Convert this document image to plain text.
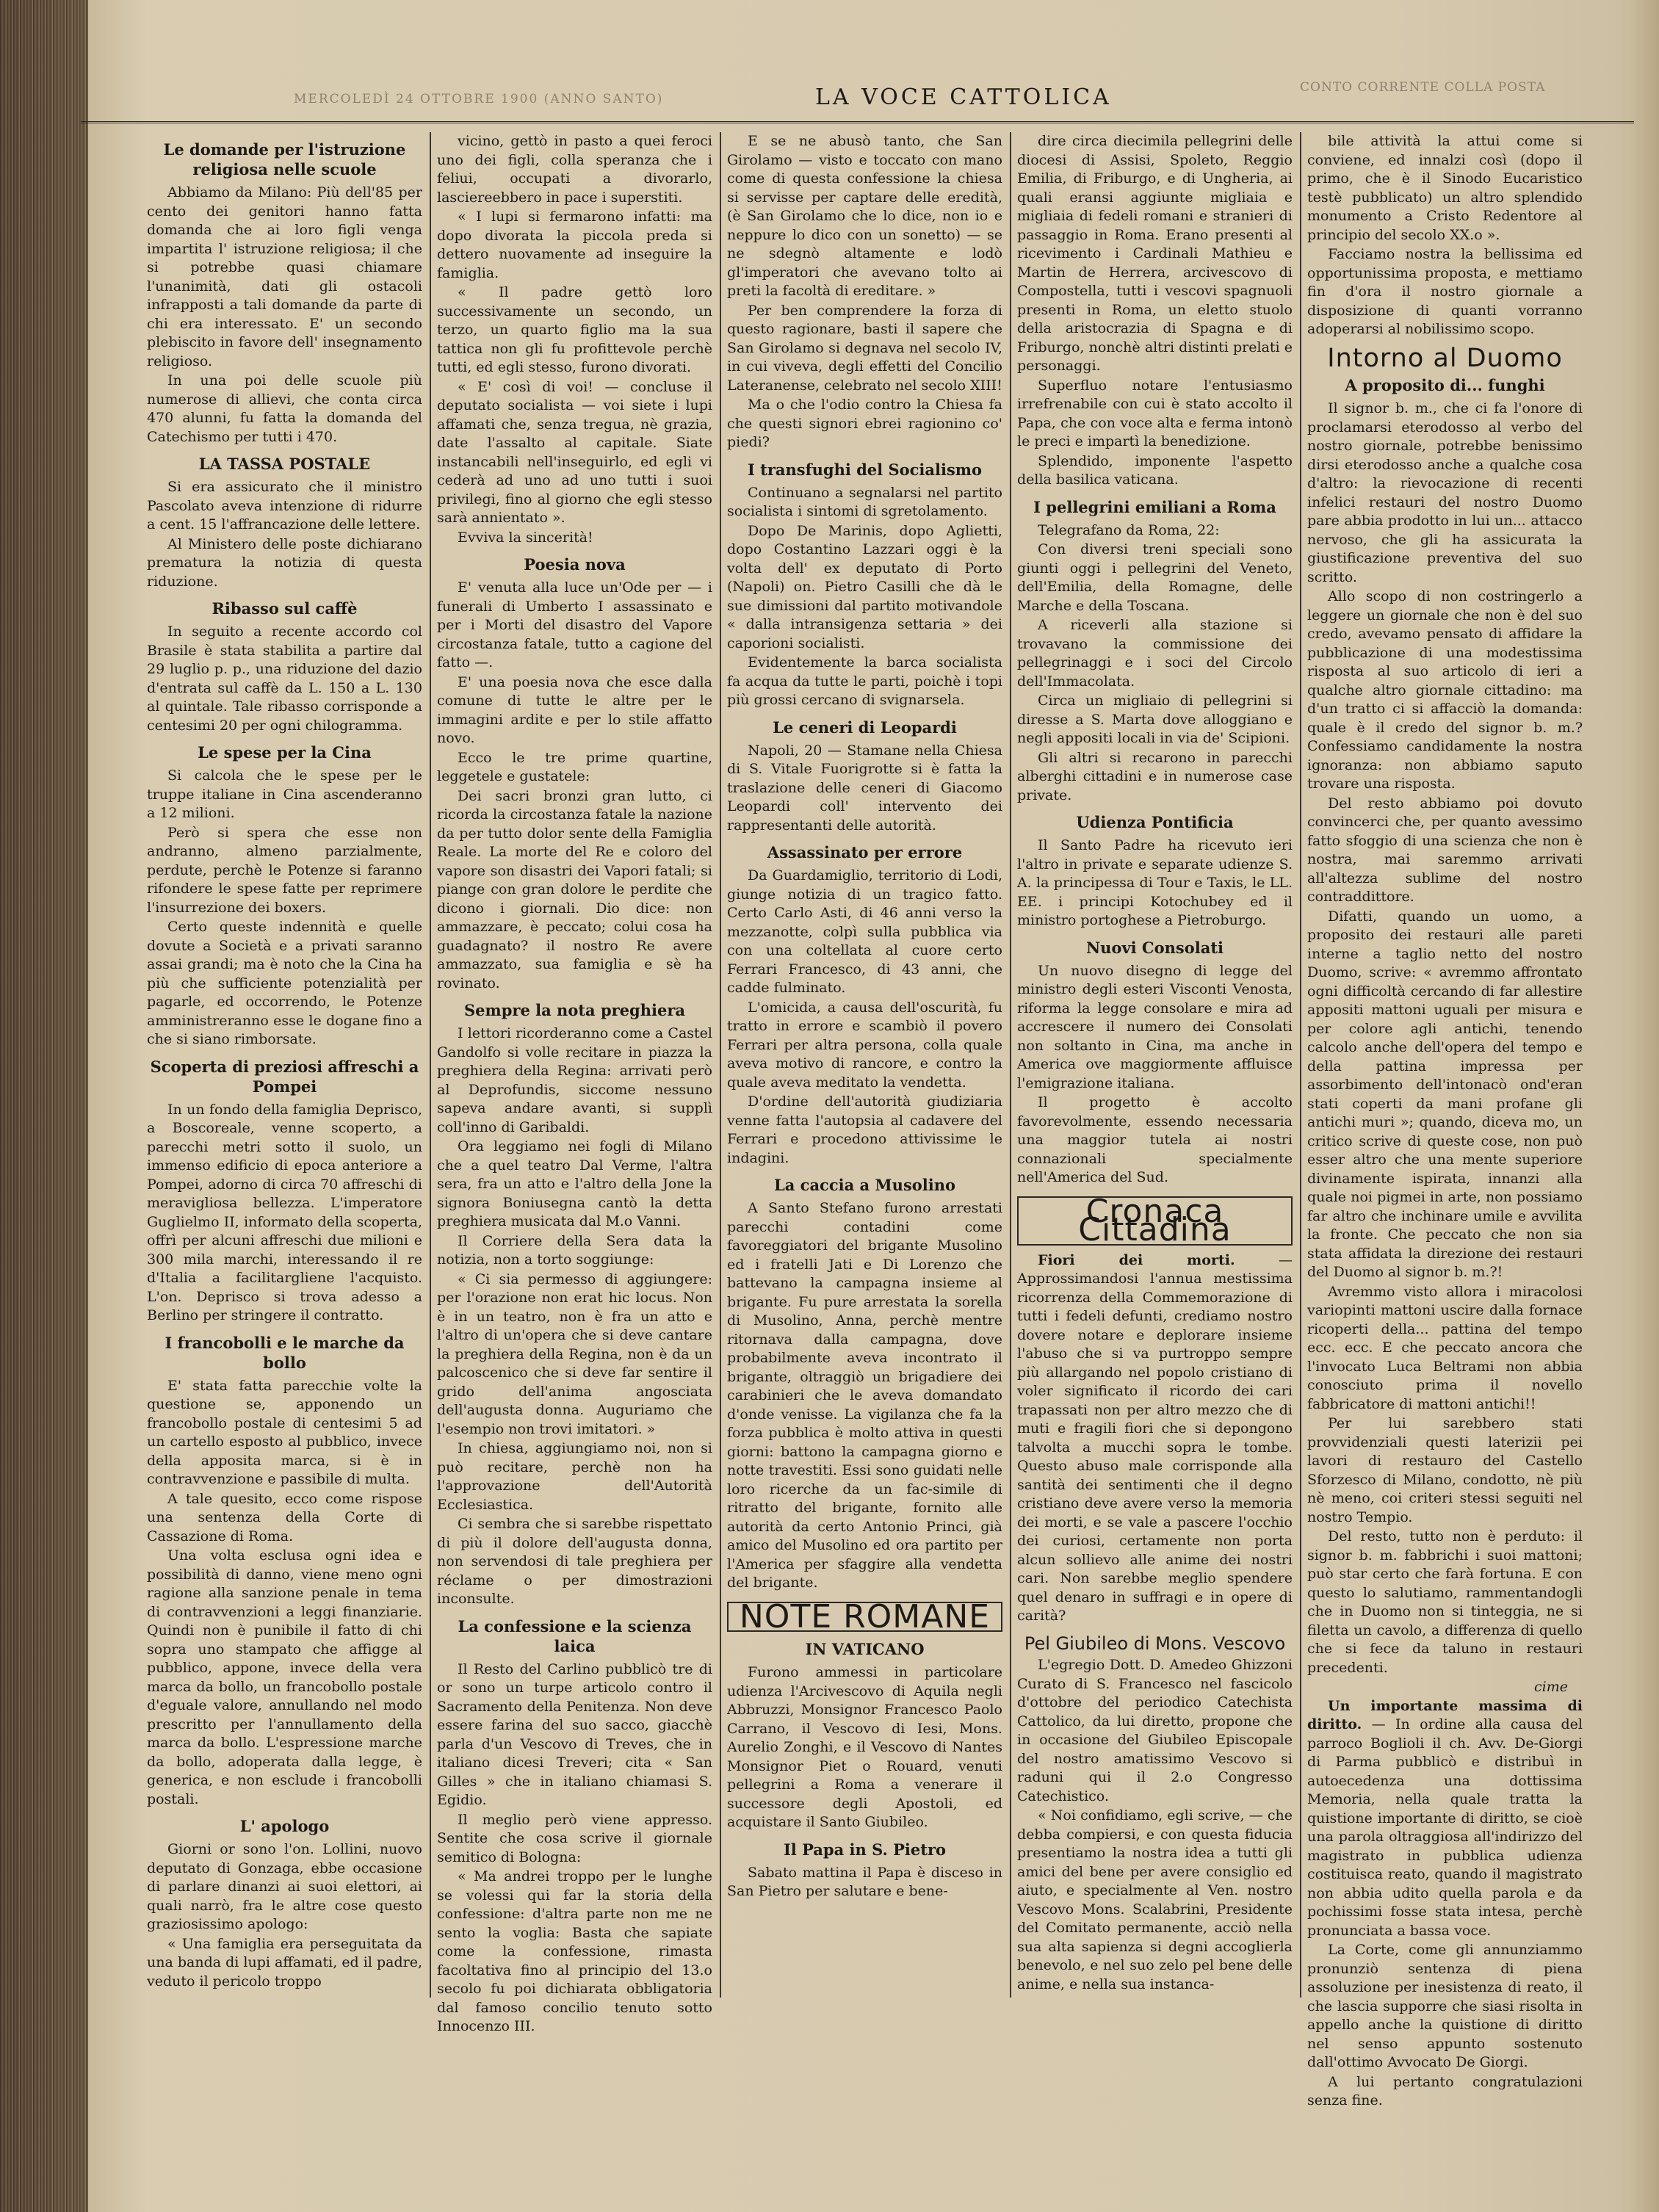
MERCOLEDÌ 24 OTTOBRE 1900 (ANNO SANTO)	LA VOCE CATTOLICA	CONTO CORRENTE COLLA POSTA
Le domande per l'istruzione religiosa nelle scuole

Abbiamo da Milano: Più dell'85 per cento dei genitori hanno fatta domanda che ai loro figli venga impartita l' istruzione religiosa; il che si potrebbe quasi chiamare l'unanimità, dati gli ostacoli infrapposti a tali domande da parte di chi era interessato. E' un secondo plebiscito in favore dell' insegnamento religioso.

In una poi delle scuole più numerose di allievi, che conta circa 470 alunni, fu fatta la domanda del Catechismo per tutti i 470.

LA TASSA POSTALE

Si era assicurato che il ministro Pascolato aveva intenzione di ridurre a cent. 15 l'affrancazione delle lettere.

Al Ministero delle poste dichiarano prematura la notizia di questa riduzione.

Ribasso sul caffè

In seguito a recente accordo col Brasile è stata stabilita a partire dal 29 luglio p. p., una riduzione del dazio d'entrata sul caffè da L. 150 a L. 130 al quintale. Tale ribasso corrisponde a centesimi 20 per ogni chilogramma.

Le spese per la Cina

Si calcola che le spese per le truppe italiane in Cina ascenderanno a 12 milioni.

Però si spera che esse non andranno, almeno parzialmente, perdute, perchè le Potenze si faranno rifondere le spese fatte per reprimere l'insurrezione dei boxers.

Certo queste indennità e quelle dovute a Società e a privati saranno assai grandi; ma è noto che la Cina ha più che sufficiente potenzialità per pagarle, ed occorrendo, le Potenze amministreranno esse le dogane fino a che si siano rimborsate.

Scoperta di preziosi affreschi a Pompei

In un fondo della famiglia Deprisco, a Boscoreale, venne scoperto, a parecchi metri sotto il suolo, un immenso edificio di epoca anteriore a Pompei, adorno di circa 70 affreschi di meravigliosa bellezza. L'imperatore Guglielmo II, informato della scoperta, offrì per alcuni affreschi due milioni e 300 mila marchi, interessando il re d'Italia a facilitargliene l'acquisto. L'on. Deprisco si trova adesso a Berlino per stringere il contratto.

I francobolli e le marche da bollo

E' stata fatta parecchie volte la questione se, apponendo un francobollo postale di centesimi 5 ad un cartello esposto al pubblico, invece della apposita marca, si è in contravvenzione e passibile di multa.

A tale quesito, ecco come rispose una sentenza della Corte di Cassazione di Roma.

Una volta esclusa ogni idea e possibilità di danno, viene meno ogni ragione alla sanzione penale in tema di contravvenzioni a leggi finanziarie. Quindi non è punibile il fatto di chi sopra uno stampato che affigge al pubblico, appone, invece della vera marca da bollo, un francobollo postale d'eguale valore, annullando nel modo prescritto per l'annullamento della marca da bollo. L'espressione marche da bollo, adoperata dalla legge, è generica, e non esclude i francobolli postali.

L' apologo

Giorni or sono l'on. Lollini, nuovo deputato di Gonzaga, ebbe occasione di parlare dinanzi ai suoi elettori, ai quali narrò, fra le altre cose questo graziosissimo apologo:

« Una famiglia era perseguitata da una banda di lupi affamati, ed il padre, veduto il pericolo troppo

vicino, gettò in pasto a quei feroci uno dei figli, colla speranza che i feliui, occupati a divorarlo, lasciereebbero in pace i superstiti.

« I lupi si fermarono infatti: ma dopo divorata la piccola preda si dettero nuovamente ad inseguire la famiglia.

« Il padre gettò loro successivamente un secondo, un terzo, un quarto figlio ma la sua tattica non gli fu profittevole perchè tutti, ed egli stesso, furono divorati.

« E' così di voi! — concluse il deputato socialista — voi siete i lupi affamati che, senza tregua, nè grazia, date l'assalto al capitale. Siate instancabili nell'inseguirlo, ed egli vi cederà ad uno ad uno tutti i suoi privilegi, fino al giorno che egli stesso sarà annientato ».

Evviva la sincerità!

Poesia nova

E' venuta alla luce un'Ode per — i funerali di Umberto I assassinato e per i Morti del disastro del Vapore circostanza fatale, tutto a cagione del fatto —.

E' una poesia nova che esce dalla comune di tutte le altre per le immagini ardite e per lo stile affatto novo.

Ecco le tre prime quartine, leggetele e gustatele:

Dei sacri bronzi gran lutto, ci ricorda la circostanza fatale la nazione da per tutto dolor sente della Famiglia Reale. La morte del Re e coloro del vapore son disastri dei Vapori fatali; si piange con gran dolore le perdite che dicono i giornali. Dio dice: non ammazzare, è peccato; colui cosa ha guadagnato? il nostro Re avere ammazzato, sua famiglia e sè ha rovinato.

Sempre la nota preghiera

I lettori ricorderanno come a Castel Gandolfo si volle recitare in piazza la preghiera della Regina: arrivati però al Deprofundis, siccome nessuno sapeva andare avanti, si supplì coll'inno di Garibaldi.

Ora leggiamo nei fogli di Milano che a quel teatro Dal Verme, l'altra sera, fra un atto e l'altro della Jone la signora Boniusegna cantò la detta preghiera musicata dal M.o Vanni.

Il Corriere della Sera data la notizia, non a torto soggiunge:

« Ci sia permesso di aggiungere: per l'orazione non erat hic locus. Non è in un teatro, non è fra un atto e l'altro di un'opera che si deve cantare la preghiera della Regina, non è da un palcoscenico che si deve far sentire il grido dell'anima angosciata dell'augusta donna. Auguriamo che l'esempio non trovi imitatori. »

In chiesa, aggiungiamo noi, non si può recitare, perchè non ha l'approvazione dell'Autorità Ecclesiastica.

Ci sembra che si sarebbe rispettato di più il dolore dell'augusta donna, non servendosi di tale preghiera per réclame o per dimostrazioni inconsulte.

La confessione e la scienza laica

Il Resto del Carlino pubblicò tre di or sono un turpe articolo contro il Sacramento della Penitenza. Non deve essere farina del suo sacco, giacchè parla d'un Vescovo di Treves, che in italiano dicesi Treveri; cita « San Gilles » che in italiano chiamasi S. Egidio.

Il meglio però viene appresso. Sentite che cosa scrive il giornale semitico di Bologna:

« Ma andrei troppo per le lunghe se volessi qui far la storia della confessione: d'altra parte non me ne sento la voglia: Basta che sapiate come la confessione, rimasta facoltativa fino al principio del 13.o secolo fu poi dichiarata obbligatoria dal famoso concilio tenuto sotto Innocenzo III.

E se ne abusò tanto, che San Girolamo — visto e toccato con mano come di questa confessione la chiesa si servisse per captare delle eredità, (è San Girolamo che lo dice, non io e neppure lo dico con un sonetto) — se ne sdegnò altamente e lodò gl'imperatori che avevano tolto ai preti la facoltà di ereditare. »

Per ben comprendere la forza di questo ragionare, basti il sapere che San Girolamo si degnava nel secolo IV, in cui viveva, degli effetti del Concilio Lateranense, celebrato nel secolo XIII!

Ma o che l'odio contro la Chiesa fa che questi signori ebrei ragionino co' piedi?

I transfughi del Socialismo

Continuano a segnalarsi nel partito socialista i sintomi di sgretolamento.

Dopo De Marinis, dopo Aglietti, dopo Costantino Lazzari oggi è la volta dell' ex deputato di Porto (Napoli) on. Pietro Casilli che dà le sue dimissioni dal partito motivandole « dalla intransigenza settaria » dei caporioni socialisti.

Evidentemente la barca socialista fa acqua da tutte le parti, poichè i topi più grossi cercano di svignarsela.

Le ceneri di Leopardi

Napoli, 20 — Stamane nella Chiesa di S. Vitale Fuorigrotte si è fatta la traslazione delle ceneri di Giacomo Leopardi coll' intervento dei rappresentanti delle autorità.

Assassinato per errore

Da Guardamiglio, territorio di Lodi, giunge notizia di un tragico fatto. Certo Carlo Asti, di 46 anni verso la mezzanotte, colpì sulla pubblica via con una coltellata al cuore certo Ferrari Francesco, di 43 anni, che cadde fulminato.

L'omicida, a causa dell'oscurità, fu tratto in errore e scambiò il povero Ferrari per altra persona, colla quale aveva motivo di rancore, e contro la quale aveva meditato la vendetta.

D'ordine dell'autorità giudiziaria venne fatta l'autopsia al cadavere del Ferrari e procedono attivissime le indagini.

La caccia a Musolino

A Santo Stefano furono arrestati parecchi contadini come favoreggiatori del brigante Musolino ed i fratelli Jati e Di Lorenzo che battevano la campagna insieme al brigante. Fu pure arrestata la sorella di Musolino, Anna, perchè mentre ritornava dalla campagna, dove probabilmente aveva incontrato il brigante, oltraggiò un brigadiere dei carabinieri che le aveva domandato d'onde venisse. La vigilanza che fa la forza pubblica è molto attiva in questi giorni: battono la campagna giorno e notte travestiti. Essi sono guidati nelle loro ricerche da un fac-simile di ritratto del brigante, fornito alle autorità da certo Antonio Princi, già amico del Musolino ed ora partito per l'America per sfaggire alla vendetta del brigante.

NOTE ROMANE
IN VATICANO

Furono ammessi in particolare udienza l'Arcivescovo di Aquila negli Abbruzzi, Monsignor Francesco Paolo Carrano, il Vescovo di Iesi, Mons. Aurelio Zonghi, e il Vescovo di Nantes Monsignor Piet o Rouard, venuti pellegrini a Roma a venerare il successore degli Apostoli, ed acquistare il Santo Giubileo.

Il Papa in S. Pietro

Sabato mattina il Papa è disceso in San Pietro per salutare e bene-

dire circa diecimila pellegrini delle diocesi di Assisi, Spoleto, Reggio Emilia, di Friburgo, e di Ungheria, ai quali eransi aggiunte migliaia e migliaia di fedeli romani e stranieri di passaggio in Roma. Erano presenti al ricevimento i Cardinali Mathieu e Martin de Herrera, arcivescovo di Compostella, tutti i vescovi spagnuoli presenti in Roma, un eletto stuolo della aristocrazia di Spagna e di Friburgo, nonchè altri distinti prelati e personaggi.

Superfluo notare l'entusiasmo irrefrenabile con cui è stato accolto il Papa, che con voce alta e ferma intonò le preci e impartì la benedizione.

Splendido, imponente l'aspetto della basilica vaticana.

I pellegrini emiliani a Roma

Telegrafano da Roma, 22:

Con diversi treni speciali sono giunti oggi i pellegrini del Veneto, dell'Emilia, della Romagne, delle Marche e della Toscana.

A riceverli alla stazione si trovavano la commissione dei pellegrinaggi e i soci del Circolo dell'Immacolata.

Circa un migliaio di pellegrini si diresse a S. Marta dove alloggiano e negli appositi locali in via de' Scipioni.

Gli altri si recarono in parecchi alberghi cittadini e in numerose case private.

Udienza Pontificia

Il Santo Padre ha ricevuto ieri l'altro in private e separate udienze S. A. la principessa di Tour e Taxis, le LL. EE. i principi Kotochubey ed il ministro portoghese a Pietroburgo.

Nuovi Consolati

Un nuovo disegno di legge del ministro degli esteri Visconti Venosta, riforma la legge consolare e mira ad accrescere il numero dei Consolati non soltanto in Cina, ma anche in America ove maggiormente affluisce l'emigrazione italiana.

Il progetto è accolto favorevolmente, essendo necessaria una maggior tutela ai nostri connazionali specialmente nell'America del Sud.

Cronaca Cittadina

Fiori dei morti.	— Approssimandosi l'annua mestissima ricorrenza della Commemorazione di tutti i fedeli defunti, crediamo nostro dovere notare e deplorare insieme l'abuso che si va purtroppo sempre più allargando nel popolo cristiano di voler significato il ricordo dei cari trapassati non per altro mezzo che di muti e fragili fiori che si depongono talvolta a mucchi sopra le tombe. Questo abuso male corrisponde alla santità dei sentimenti che il degno cristiano deve avere verso la memoria dei morti, e se vale a pascere l'occhio dei curiosi, certamente non porta alcun sollievo alle anime dei nostri cari. Non sarebbe meglio spendere quel denaro in suffragi e in opere di carità?

Pel Giubileo di Mons. Vescovo

L'egregio Dott. D. Amedeo Ghizzoni Curato di S. Francesco nel fascicolo d'ottobre del periodico Catechista Cattolico, da lui diretto, propone che in occasione del Giubileo Episcopale del nostro amatissimo Vescovo si raduni qui il 2.o Congresso Catechistico.

« Noi confidiamo, egli scrive, — che debba compiersi, e con questa fiducia presentiamo la nostra idea a tutti gli amici del bene per avere consiglio ed aiuto, e specialmente al Ven. nostro Vescovo Mons. Scalabrini, Presidente del Comitato permanente, acciò nella sua alta sapienza si degni accoglierla benevolo, e nel suo zelo pel bene delle anime, e nella sua instanca-

bile attività la attui come si conviene, ed innalzi così (dopo il primo, che è il Sinodo Eucaristico testè pubblicato) un altro splendido monumento a Cristo Redentore al principio del secolo XX.o ».

Facciamo nostra la bellissima ed opportunissima proposta, e mettiamo fin d'ora il nostro giornale a disposizione di quanti vorranno adoperarsi al nobilissimo scopo.

Intorno al Duomo
A proposito di... funghi

Il signor b. m., che ci fa l'onore di proclamarsi eterodosso al verbo del nostro giornale, potrebbe benissimo dirsi eterodosso anche a qualche cosa d'altro: la rievocazione di recenti infelici restauri del nostro Duomo pare abbia prodotto in lui un... attacco nervoso, che gli ha assicurata la giustificazione preventiva del suo scritto.

Allo scopo di non costringerlo a leggere un giornale che non è del suo credo, avevamo pensato di affidare la pubblicazione di una modestissima risposta al suo articolo di ieri a qualche altro giornale cittadino: ma d'un tratto ci si affacciò la domanda: quale è il credo del signor b. m.? Confessiamo candidamente la nostra ignoranza: non abbiamo saputo trovare una risposta.

Del resto abbiamo poi dovuto convincerci che, per quanto avessimo fatto sfoggio di una scienza che non è nostra, mai saremmo arrivati all'altezza sublime del nostro contraddittore.

Difatti, quando un uomo, a proposito dei restauri alle pareti interne a taglio netto del nostro Duomo, scrive: « avremmo affrontato ogni difficoltà cercando di far allestire appositi mattoni uguali per misura e per colore agli antichi, tenendo calcolo anche dell'opera del tempo e della pattina impressa per assorbimento dell'intonacò ond'eran stati coperti da mani profane gli antichi muri »; quando, diceva mo, un critico scrive di queste cose, non può esser altro che una mente superiore divinamente ispirata, innanzi alla quale noi pigmei in arte, non possiamo far altro che inchinare umile e avvilita la fronte. Che peccato che non sia stata affidata la direzione dei restauri del Duomo al signor b. m.?!

Avremmo visto allora i miracolosi variopinti mattoni uscire dalla fornace ricoperti della... pattina del tempo ecc. ecc. E che peccato ancora che l'invocato Luca Beltrami non abbia conosciuto prima il novello fabbricatore di mattoni antichi!!

Per lui sarebbero stati provvidenziali questi laterizii pei lavori di restauro del Castello Sforzesco di Milano, condotto, nè più nè meno, coi criteri stessi seguiti nel nostro Tempio.

Del resto, tutto non è perduto: il signor b. m. fabbrichi i suoi mattoni; può star certo che farà fortuna. E con questo lo salutiamo, rammentandogli che in Duomo non si tinteggia, ne si filetta un cavolo, a differenza di quello che si fece da taluno in restauri precedenti.

cime

Un importante massima di diritto. — In ordine alla causa del parroco Boglioli il ch. Avv. De-Giorgi di Parma pubblicò e distribuì in autoecedenza una dottissima Memoria, nella quale tratta la quistione importante di diritto, se cioè una parola oltraggiosa all'indirizzo del magistrato in pubblica udienza costituisca reato, quando il magistrato non abbia udito quella parola e da pochissimi fosse stata intesa, perchè pronunciata a bassa voce.

La Corte, come gli annunziammo pronunziò sentenza di piena assoluzione per inesistenza di reato, il che lascia supporre che siasi risolta in appello anche la quistione di diritto nel senso appunto sostenuto dall'ottimo Avvocato De Giorgi.

A lui pertanto congratulazioni senza fine.
